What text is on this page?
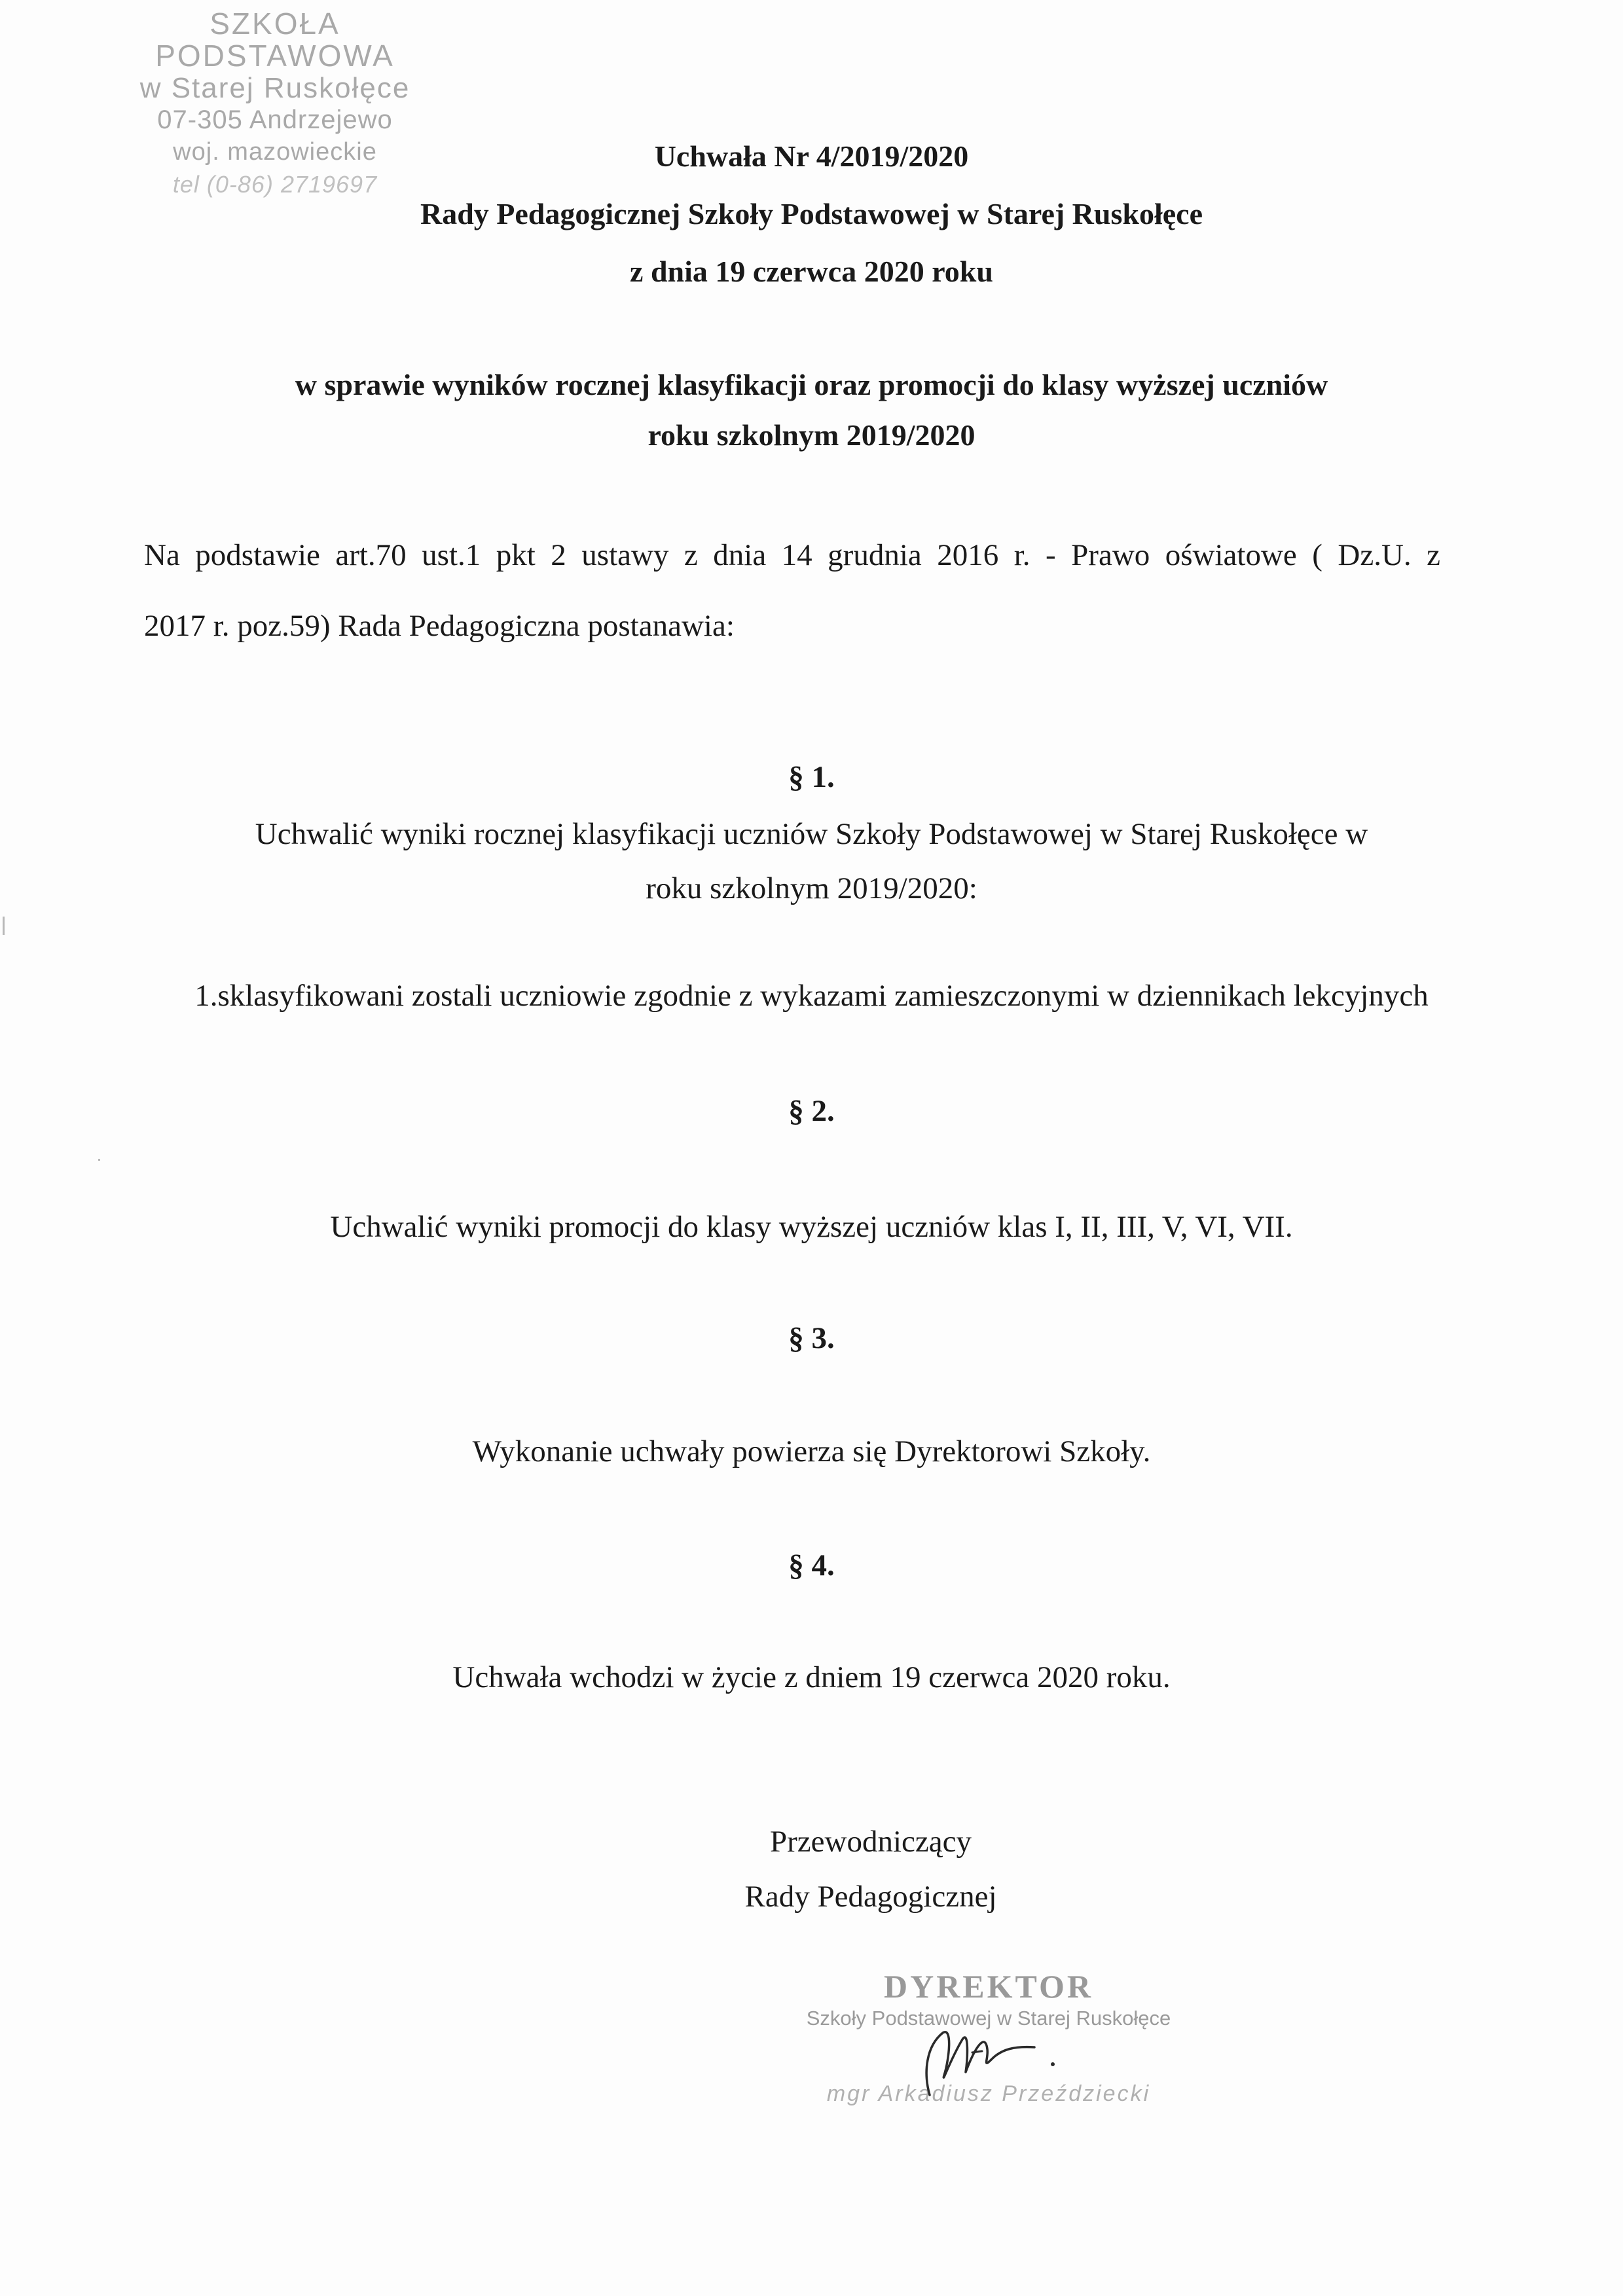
SZKOŁA PODSTAWOWA
w Starej Ruskołęce
07-305 Andrzejewo
woj. mazowieckie
tel (0-86) 2719697
Uchwała Nr 4/2019/2020
Rady Pedagogicznej Szkoły Podstawowej w Starej Ruskołęce
z dnia 19 czerwca 2020 roku
w sprawie wyników rocznej klasyfikacji oraz promocji do klasy wyższej uczniów
roku szkolnym 2019/2020
Na podstawie art.70 ust.1 pkt 2 ustawy z dnia 14 grudnia 2016 r. - Prawo oświatowe ( Dz.U. z
2017 r. poz.59) Rada Pedagogiczna postanawia:
§ 1.
Uchwalić wyniki rocznej klasyfikacji uczniów Szkoły Podstawowej w Starej Ruskołęce w
roku szkolnym 2019/2020:
1.sklasyfikowani zostali uczniowie zgodnie z wykazami zamieszczonymi w dziennikach lekcyjnych
§ 2.
Uchwalić wyniki promocji do klasy wyższej uczniów klas I, II, III, V, VI, VII.
§ 3.
Wykonanie uchwały powierza się Dyrektorowi Szkoły.
§ 4.
Uchwała wchodzi w życie z dniem 19 czerwca 2020 roku.
Przewodniczący
Rady Pedagogicznej
DYREKTOR
Szkoły Podstawowej w Starej Ruskołęce
mgr Arkadiusz Przeździecki
